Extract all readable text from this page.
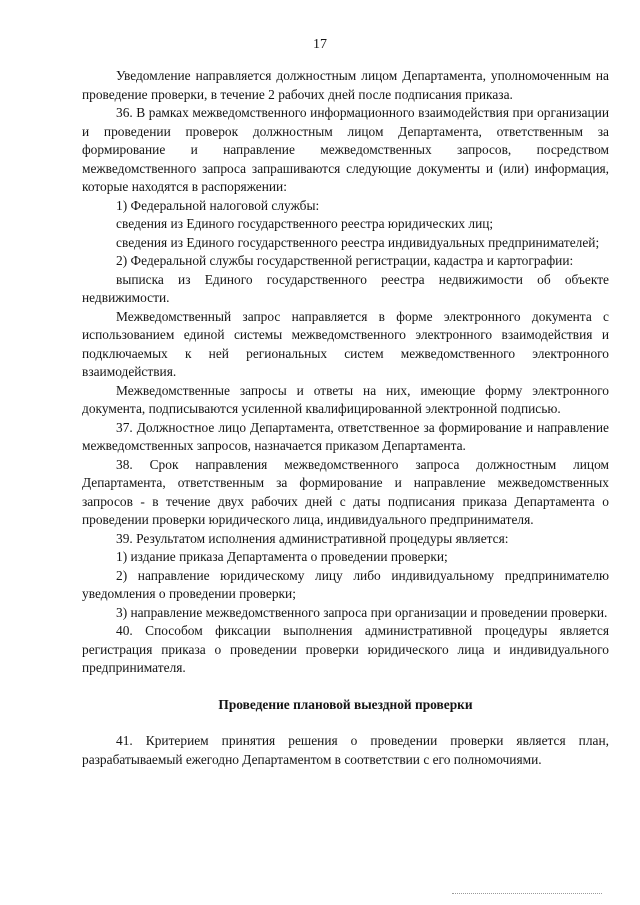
17

Уведомление направляется должностным лицом Департамента, уполномоченным на проведение проверки, в течение 2 рабочих дней после подписания приказа.

36. В рамках межведомственного информационного взаимодействия при организации и проведении проверок должностным лицом Департамента, ответственным за формирование и направление межведомственных запросов, посредством межведомственного запроса запрашиваются следующие документы и (или) информация, которые находятся в распоряжении:

1) Федеральной налоговой службы:

сведения из Единого государственного реестра юридических лиц;

сведения из Единого государственного реестра индивидуальных предпринимателей;

2) Федеральной службы государственной регистрации, кадастра и картографии:

выписка из Единого государственного реестра недвижимости об объекте недвижимости.

Межведомственный запрос направляется в форме электронного документа с использованием единой системы межведомственного электронного взаимодействия и подключаемых к ней региональных систем межведомственного электронного взаимодействия.

Межведомственные запросы и ответы на них, имеющие форму электронного документа, подписываются усиленной квалифицированной электронной подписью.

37. Должностное лицо Департамента, ответственное за формирование и направление межведомственных запросов, назначается приказом Департамента.

38. Срок направления межведомственного запроса должностным лицом Департамента, ответственным за формирование и направление межведомственных запросов - в течение двух рабочих дней с даты подписания приказа Департамента о проведении проверки юридического лица, индивидуального предпринимателя.

39. Результатом исполнения административной процедуры является:

1) издание приказа Департамента о проведении проверки;

2) направление юридическому лицу либо индивидуальному предпринимателю уведомления о проведении проверки;

3) направление межведомственного запроса при организации и проведении проверки.

40. Способом фиксации выполнения административной процедуры является регистрация приказа о проведении проверки юридического лица и индивидуального предпринимателя.

Проведение плановой выездной проверки

41. Критерием принятия решения о проведении проверки является план, разрабатываемый ежегодно Департаментом в соответствии с его полномочиями.
